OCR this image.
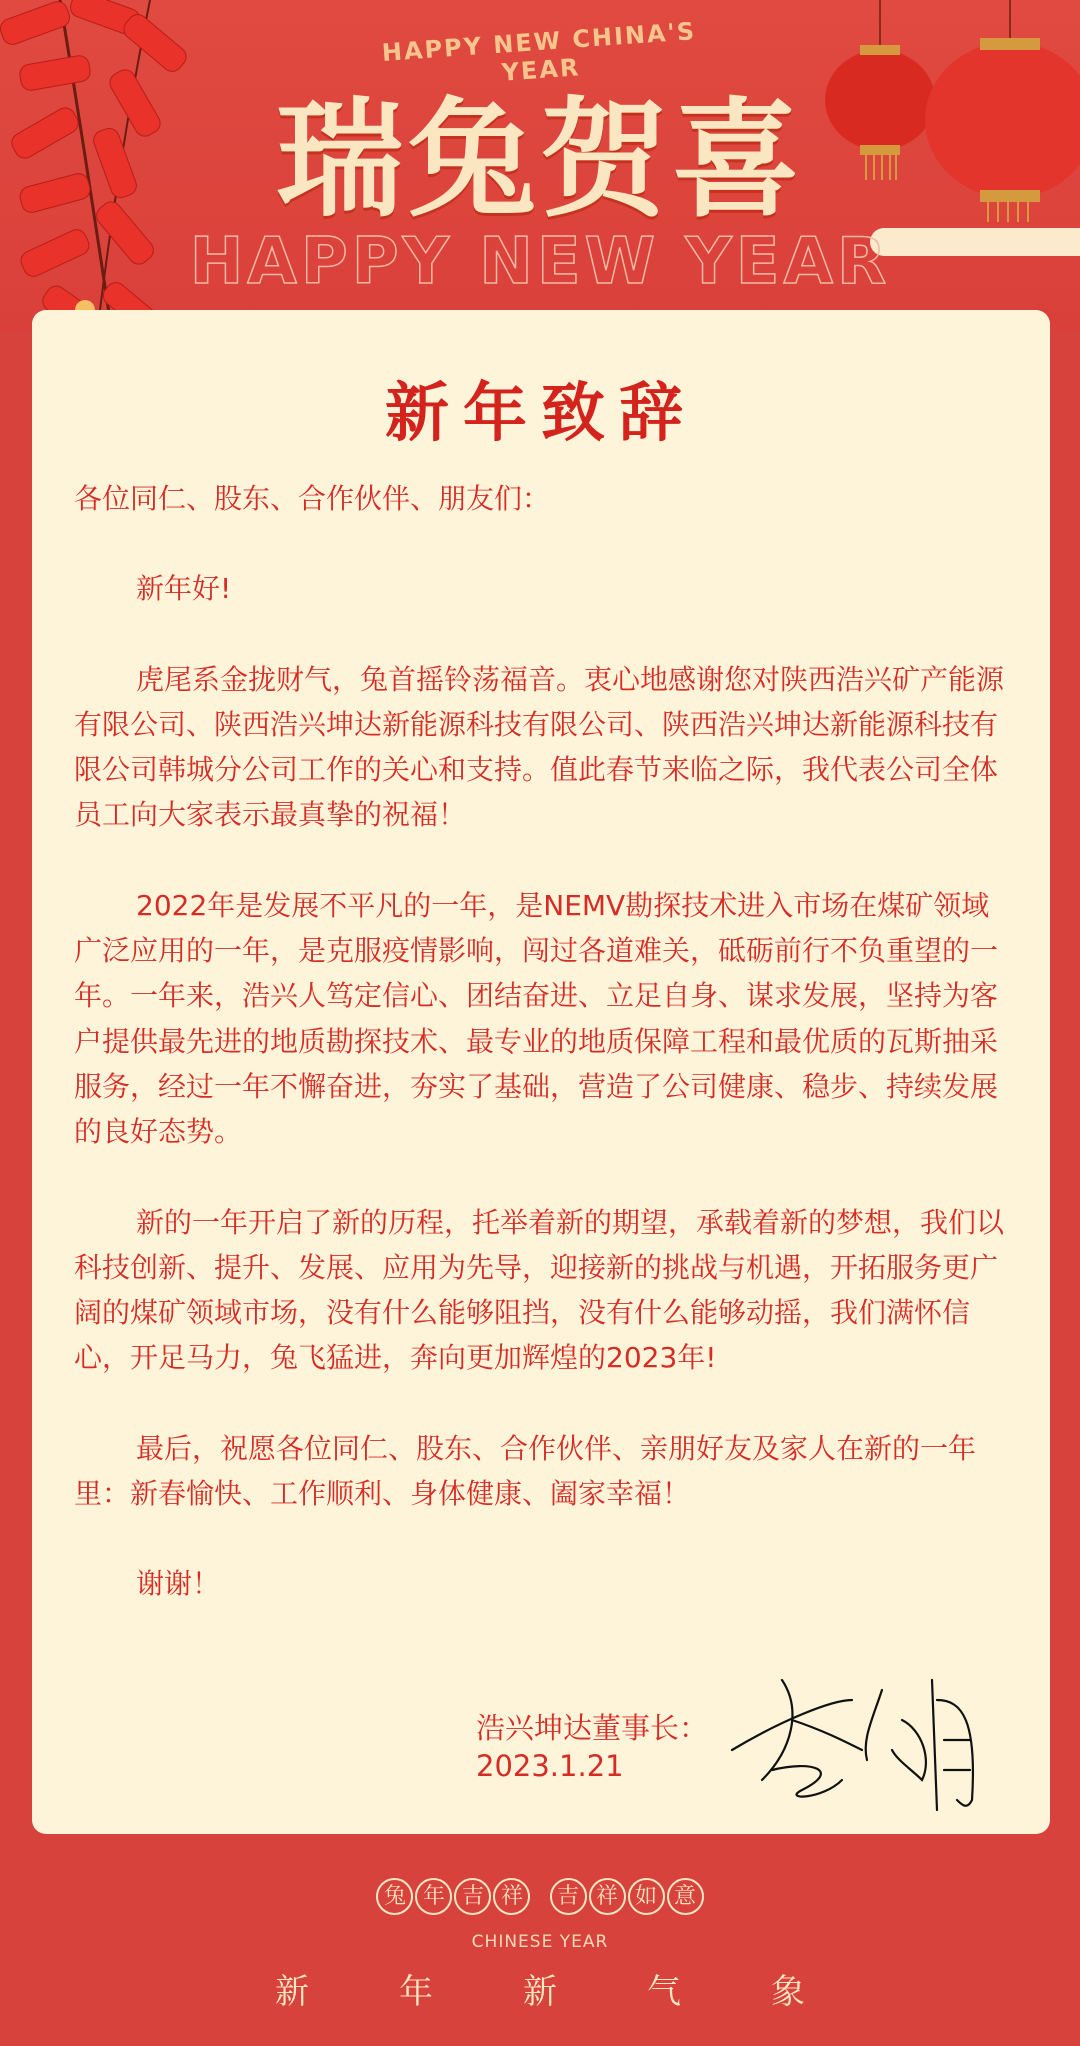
HAPPY NEW CHINA'S YEAR
瑞兔贺喜
HAPPY NEW YEAR
新年致辞

各位同仁、股东、合作伙伴、朋友们：

新年好!

虎尾系金拢财气，兔首摇铃荡福音。衷心地感谢您对陕西浩兴矿产能源有限公司、陕西浩兴坤达新能源科技有限公司、陕西浩兴坤达新能源科技有限公司韩城分公司工作的关心和支持。值此春节来临之际，我代表公司全体员工向大家表示最真挚的祝福！

2022年是发展不平凡的一年，是NEMV勘探技术进入市场在煤矿领域广泛应用的一年，是克服疫情影响，闯过各道难关，砥砺前行不负重望的一年。一年来，浩兴人笃定信心、团结奋进、立足自身、谋求发展，坚持为客户提供最先进的地质勘探技术、最专业的地质保障工程和最优质的瓦斯抽采服务，经过一年不懈奋进，夯实了基础，营造了公司健康、稳步、持续发展的良好态势。

新的一年开启了新的历程，托举着新的期望，承载着新的梦想，我们以科技创新、提升、发展、应用为先导，迎接新的挑战与机遇，开拓服务更广阔的煤矿领域市场，没有什么能够阻挡，没有什么能够动摇，我们满怀信心，开足马力，兔飞猛进，奔向更加辉煌的2023年!

最后，祝愿各位同仁、股东、合作伙伴、亲朋好友及家人在新的一年里：新春愉快、工作顺利、身体健康、阖家幸福！

谢谢！

浩兴坤达董事长：
2023.1.21
兔 年 吉 祥 吉 祥 如 意
CHINESE YEAR
新	年	新	气	象
